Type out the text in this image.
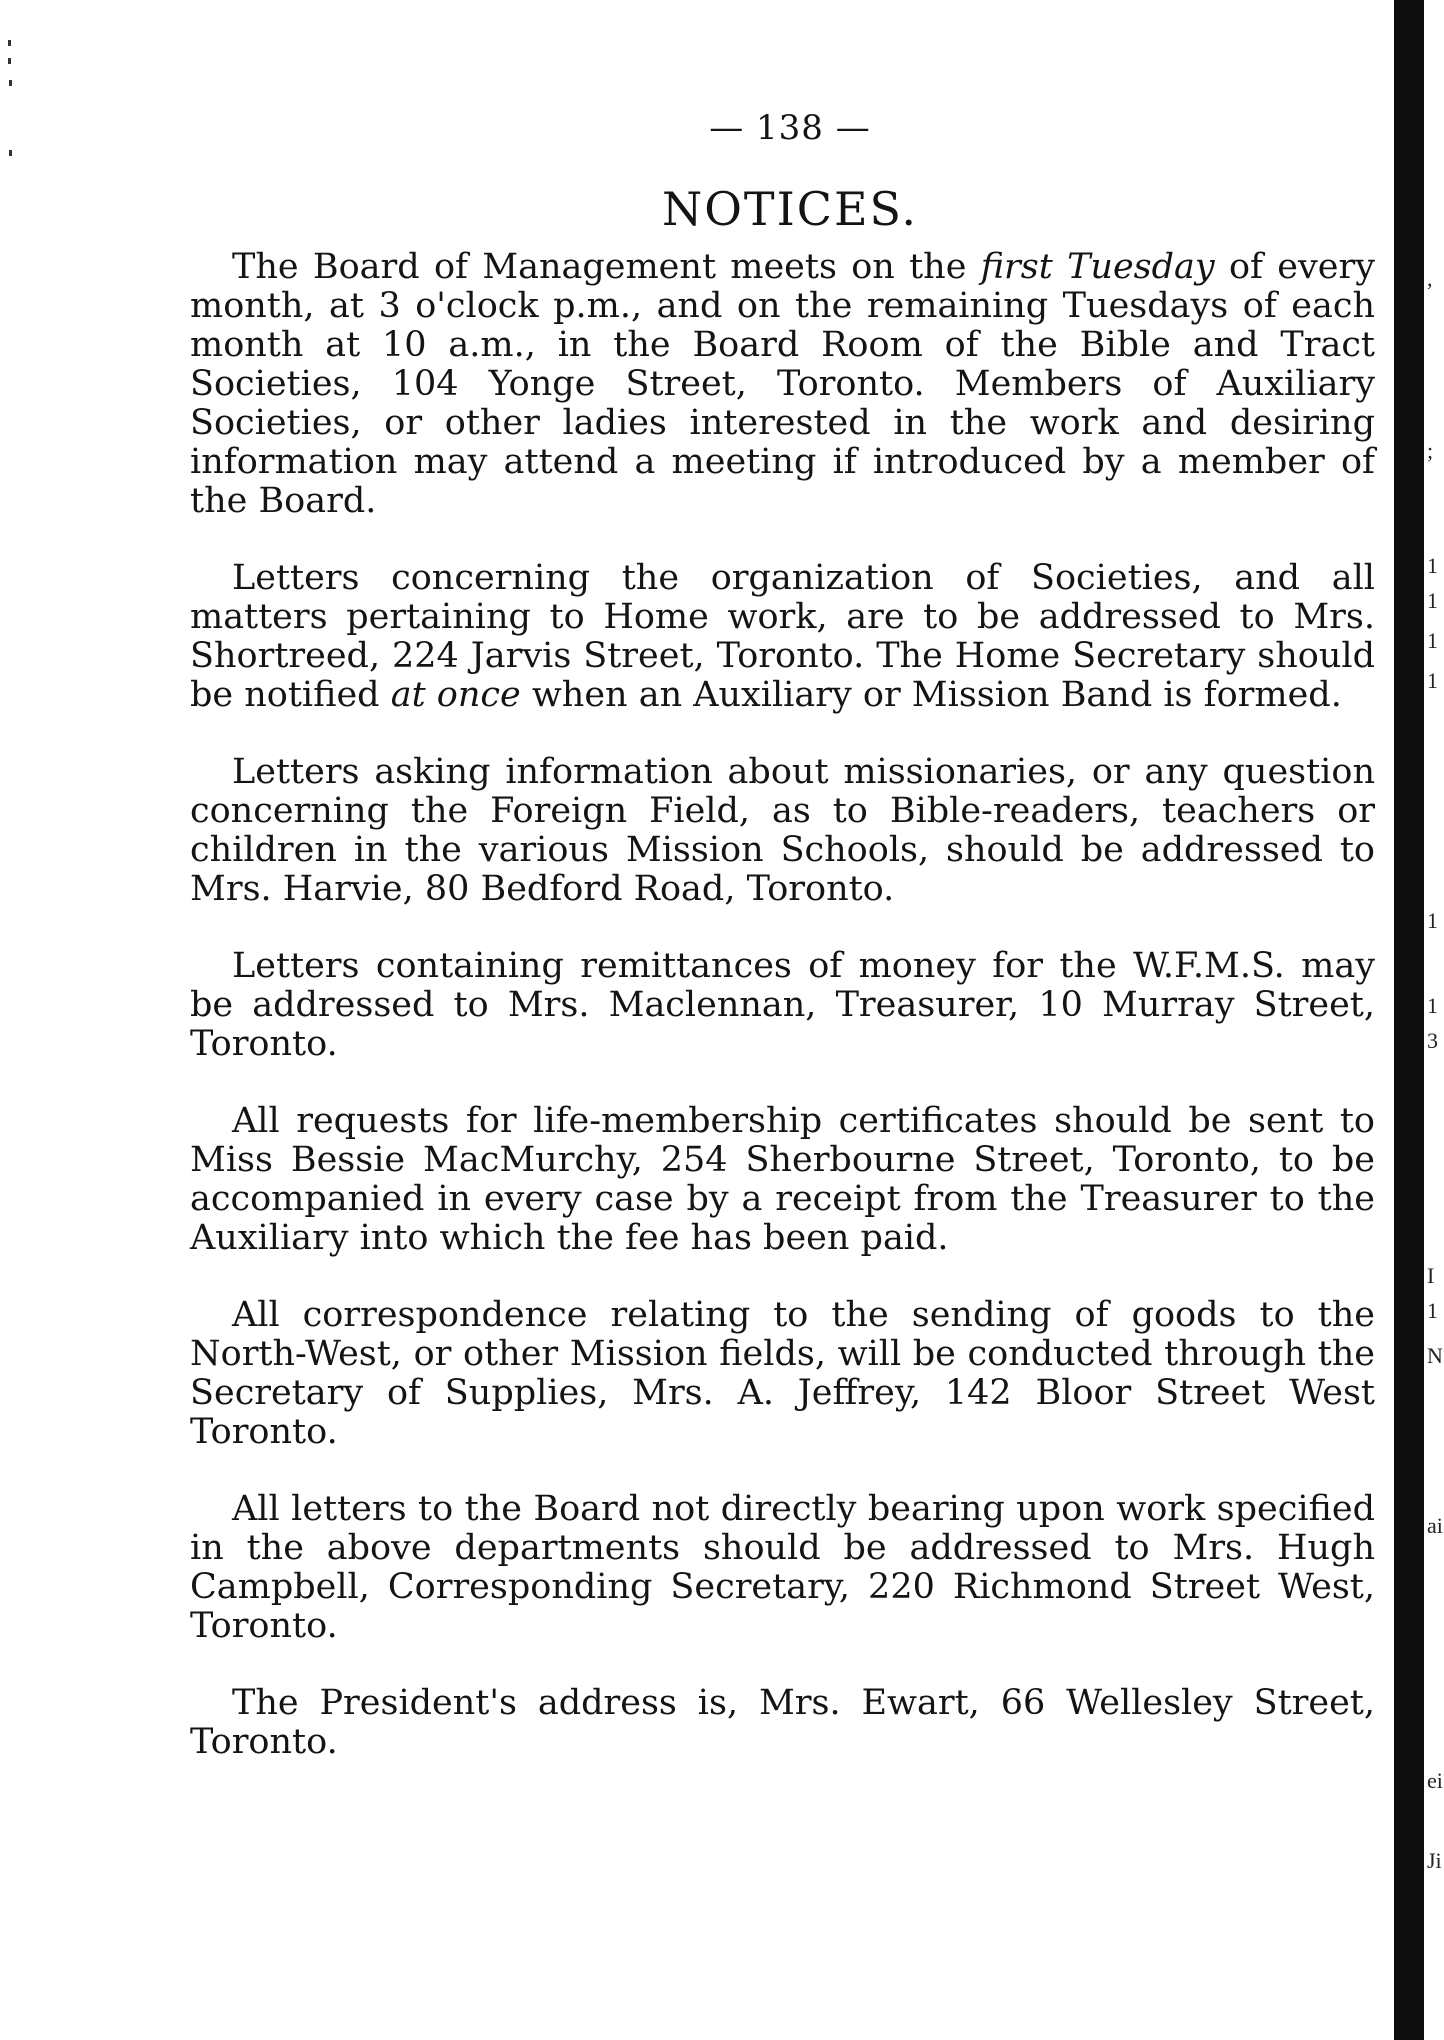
— 138 —
NOTICES.

The Board of Management meets on the first Tuesday of every month, at 3 o'clock p.m., and on the remaining Tuesdays of each month at 10 a.m., in the Board Room of the Bible and Tract Societies, 104 Yonge Street, Toronto. Members of Auxiliary Societies, or other ladies interested in the work and desiring information may attend a meeting if introduced by a member of the Board.

Letters concerning the organization of Societies, and all matters pertaining to Home work, are to be addressed to Mrs. Shortreed, 224 Jarvis Street, Toronto. The Home Secretary should be notified at once when an Auxiliary or Mission Band is formed.

Letters asking information about missionaries, or any question concerning the Foreign Field, as to Bible-readers, teachers or children in the various Mission Schools, should be addressed to Mrs. Harvie, 80 Bedford Road, Toronto.

Letters containing remittances of money for the W.F.M.S. may be addressed to Mrs. Maclennan, Treasurer, 10 Murray Street, Toronto.

All requests for life-membership certificates should be sent to Miss Bessie MacMurchy, 254 Sherbourne Street, Toronto, to be accompanied in every case by a receipt from the Treasurer to the Auxiliary into which the fee has been paid.

All correspondence relating to the sending of goods to the North-West, or other Mission fields, will be conducted through the Secretary of Supplies, Mrs. A. Jeffrey, 142 Bloor Street West Toronto.

All letters to the Board not directly bearing upon work specified in the above departments should be addressed to Mrs. Hugh Campbell, Corresponding Secretary, 220 Richmond Street West, Toronto.

The President's address is, Mrs. Ewart, 66 Wellesley Street, Toronto.

,
;
1
1
1
1
1
1
3
I
1
N
ai
ei
Ji
